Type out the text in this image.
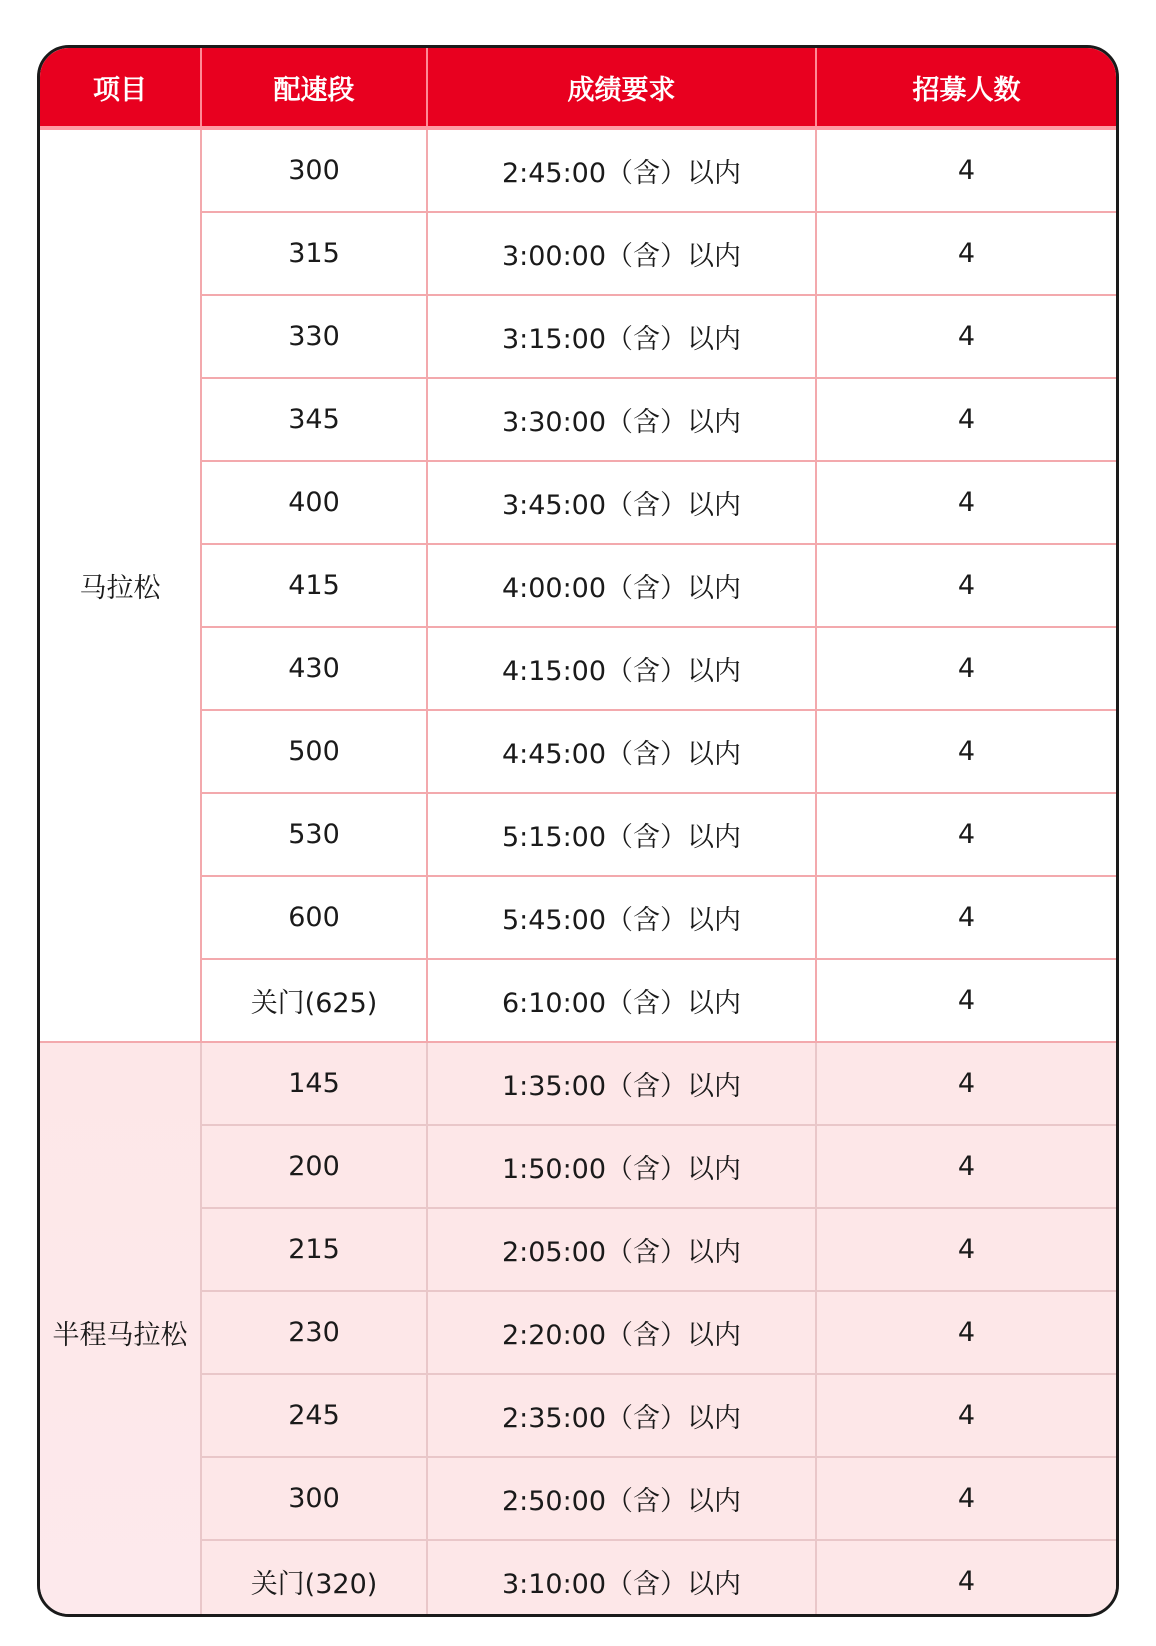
项目	配速段	成绩要求	招募人数
马拉松	300	2:45:00（含）以内	4
	315	3:00:00（含）以内	4
	330	3:15:00（含）以内	4
	345	3:30:00（含）以内	4
	400	3:45:00（含）以内	4
	415	4:00:00（含）以内	4
	430	4:15:00（含）以内	4
	500	4:45:00（含）以内	4
	530	5:15:00（含）以内	4
	600	5:45:00（含）以内	4
	关门(625)	6:10:00（含）以内	4
半程马拉松	145	1:35:00（含）以内	4
	200	1:50:00（含）以内	4
	215	2:05:00（含）以内	4
	230	2:20:00（含）以内	4
	245	2:35:00（含）以内	4
	300	2:50:00（含）以内	4
	关门(320)	3:10:00（含）以内	4
